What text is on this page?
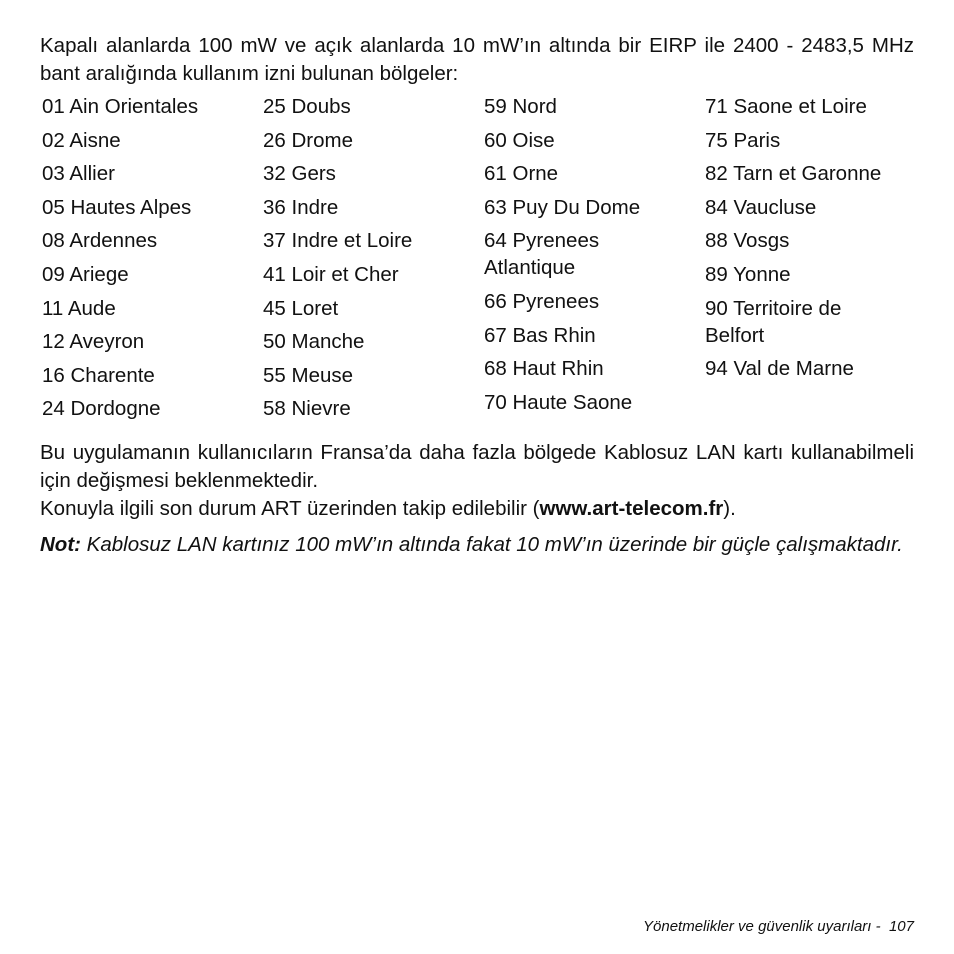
Kapalı alanlarda 100 mW ve açık alanlarda 10 mW’ın altında bir EIRP ile 2400 - 2483,5 MHz bant aralığında kullanım izni bulunan bölgeler:

01 Ain Orientales
02 Aisne
03 Allier
05 Hautes Alpes
08 Ardennes
09 Ariege
11 Aude
12 Aveyron
16 Charente
24 Dordogne
25 Doubs
26 Drome
32 Gers
36 Indre
37 Indre et Loire
41 Loir et Cher
45 Loret
50 Manche
55 Meuse
58 Nievre
59 Nord
60 Oise
61 Orne
63 Puy Du Dome
64 Pyrenees Atlantique
66 Pyrenees
67 Bas Rhin
68 Haut Rhin
70 Haute Saone
71 Saone et Loire
75 Paris
82 Tarn et Garonne
84 Vaucluse
88 Vosgs
89 Yonne
90 Territoire de Belfort
94 Val de Marne

Bu uygulamanın kullanıcıların Fransa’da daha fazla bölgede Kablosuz LAN kartı kullanabilmeli için değişmesi beklenmektedir.

Konuyla ilgili son durum ART üzerinden takip edilebilir (www.art-telecom.fr).

Not: Kablosuz LAN kartınız 100 mW’ın altında fakat 10 mW’ın üzerinde bir güçle çalışmaktadır.

Yönetmelikler ve güvenlik uyarıları - 107
